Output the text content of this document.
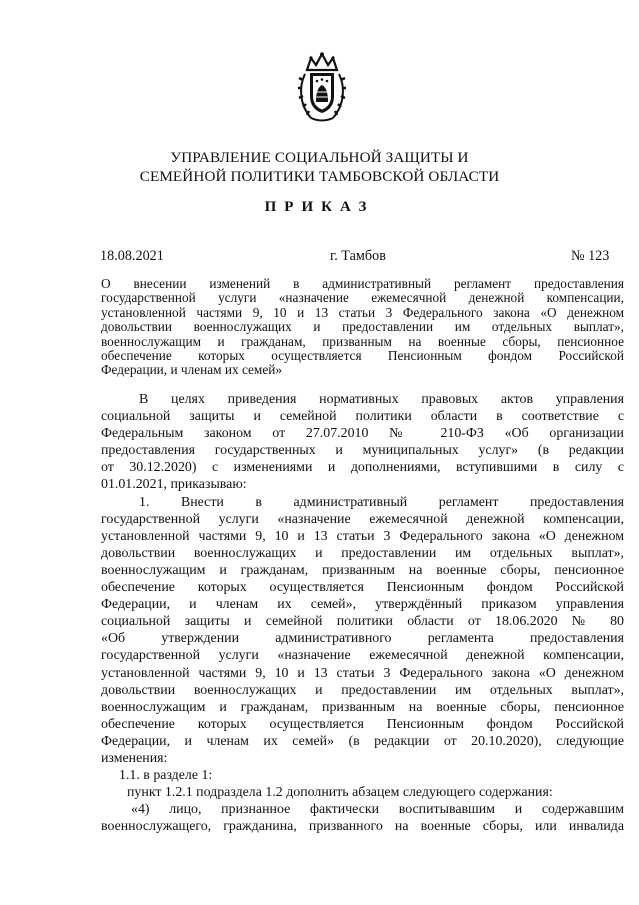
УПРАВЛЕНИЕ СОЦИАЛЬНОЙ ЗАЩИТЫ И
СЕМЕЙНОЙ ПОЛИТИКИ ТАМБОВСКОЙ ОБЛАСТИ
ПРИКАЗ
18.08.2021	г. Тамбов	№ 123
О внесении изменений в административный регламент предоставления
государственной услуги «назначение ежемесячной денежной компенсации,
установленной частями 9, 10 и 13 статьи 3 Федерального закона «О денежном
довольствии военнослужащих и предоставлении им отдельных выплат»,
военнослужащим и гражданам, призванным на военные сборы, пенсионное
обеспечение которых осуществляется Пенсионным фондом Российской
Федерации, и членам их семей»
В целях приведения нормативных правовых актов управления
социальной защиты и семейной политики области в соответствие с
Федеральным законом от 27.07.2010 № 210-ФЗ «Об организации
предоставления государственных и муниципальных услуг» (в редакции
от 30.12.2020) с изменениями и дополнениями, вступившими в силу с
01.01.2021, приказываю:
1. Внести в административный регламент предоставления
государственной услуги «назначение ежемесячной денежной компенсации,
установленной частями 9, 10 и 13 статьи 3 Федерального закона «О денежном
довольствии военнослужащих и предоставлении им отдельных выплат»,
военнослужащим и гражданам, призванным на военные сборы, пенсионное
обеспечение которых осуществляется Пенсионным фондом Российской
Федерации, и членам их семей», утверждённый приказом управления
социальной защиты и семейной политики области от 18.06.2020 № 80
«Об утверждении административного регламента предоставления
государственной услуги «назначение ежемесячной денежной компенсации,
установленной частями 9, 10 и 13 статьи 3 Федерального закона «О денежном
довольствии военнослужащих и предоставлении им отдельных выплат»,
военнослужащим и гражданам, призванным на военные сборы, пенсионное
обеспечение которых осуществляется Пенсионным фондом Российской
Федерации, и членам их семей» (в редакции от 20.10.2020), следующие
изменения:
1.1. в разделе 1:
пункт 1.2.1 подраздела 1.2 дополнить абзацем следующего содержания:
«4) лицо, признанное фактически воспитывавшим и содержавшим
военнослужащего, гражданина, призванного на военные сборы, или инвалида
